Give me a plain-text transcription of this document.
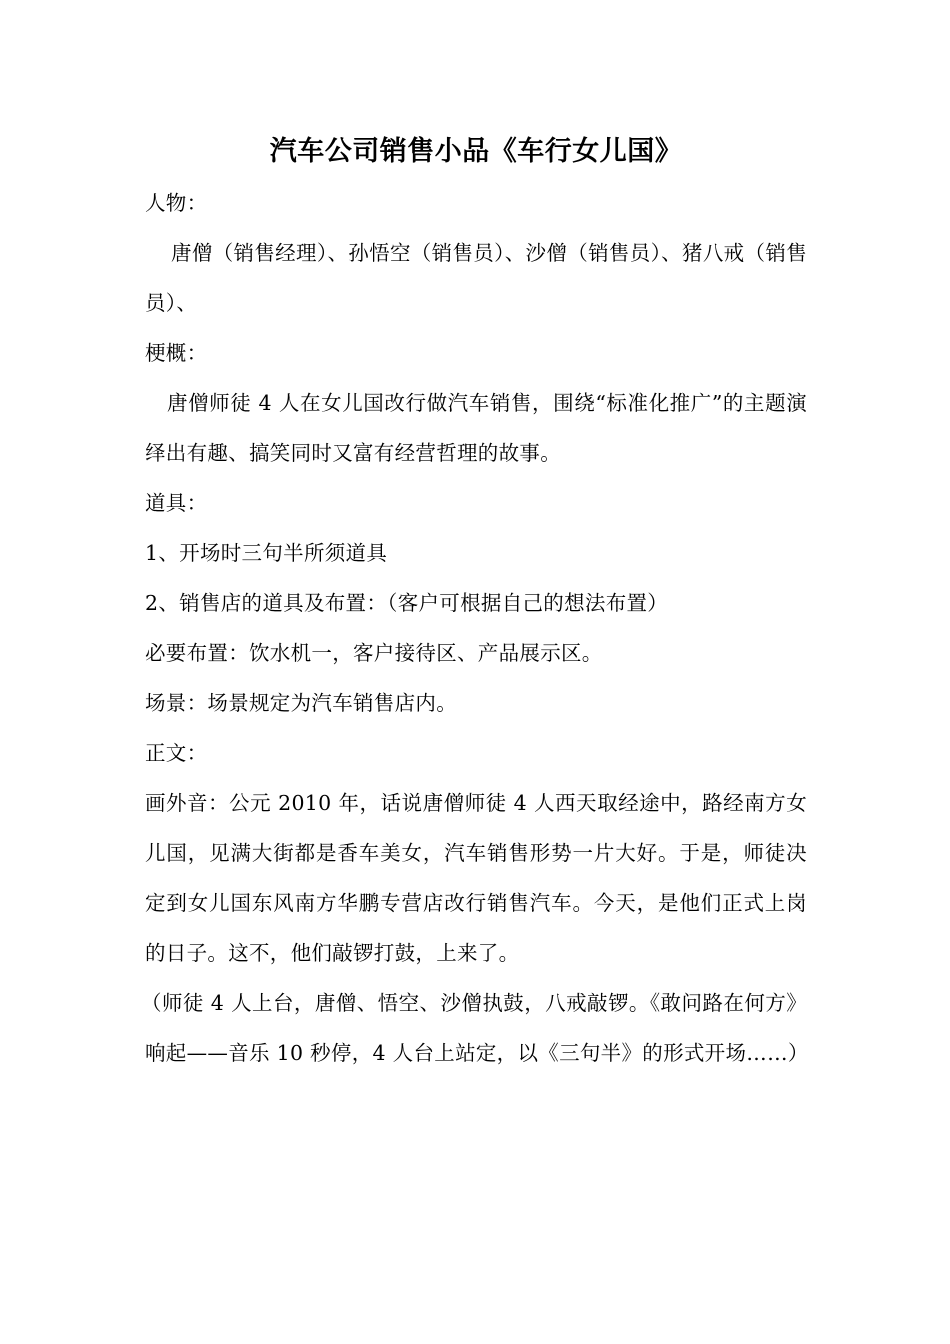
汽车公司销售小品《车行女儿国》

人物：

唐僧（销售经理）、孙悟空（销售员）、沙僧（销售员）、猪八戒（销售员）、

梗概：

唐僧师徒 4 人在女儿国改行做汽车销售，围绕“标准化推广”的主题演绎出有趣、搞笑同时又富有经营哲理的故事。

道具：

1、开场时三句半所须道具

2、销售店的道具及布置：（客户可根据自己的想法布置）

必要布置：饮水机一，客户接待区、产品展示区。

场景：场景规定为汽车销售店内。

正文：

画外音：公元 2010 年，话说唐僧师徒 4 人西天取经途中，路经南方女儿国，见满大街都是香车美女，汽车销售形势一片大好。于是，师徒决定到女儿国东风南方华鹏专营店改行销售汽车。今天，是他们正式上岗的日子。这不，他们敲锣打鼓，上来了。

（师徒 4 人上台，唐僧、悟空、沙僧执鼓，八戒敲锣。《敢问路在何方》响起——音乐 10 秒停，4 人台上站定，以《三句半》的形式开场……）
